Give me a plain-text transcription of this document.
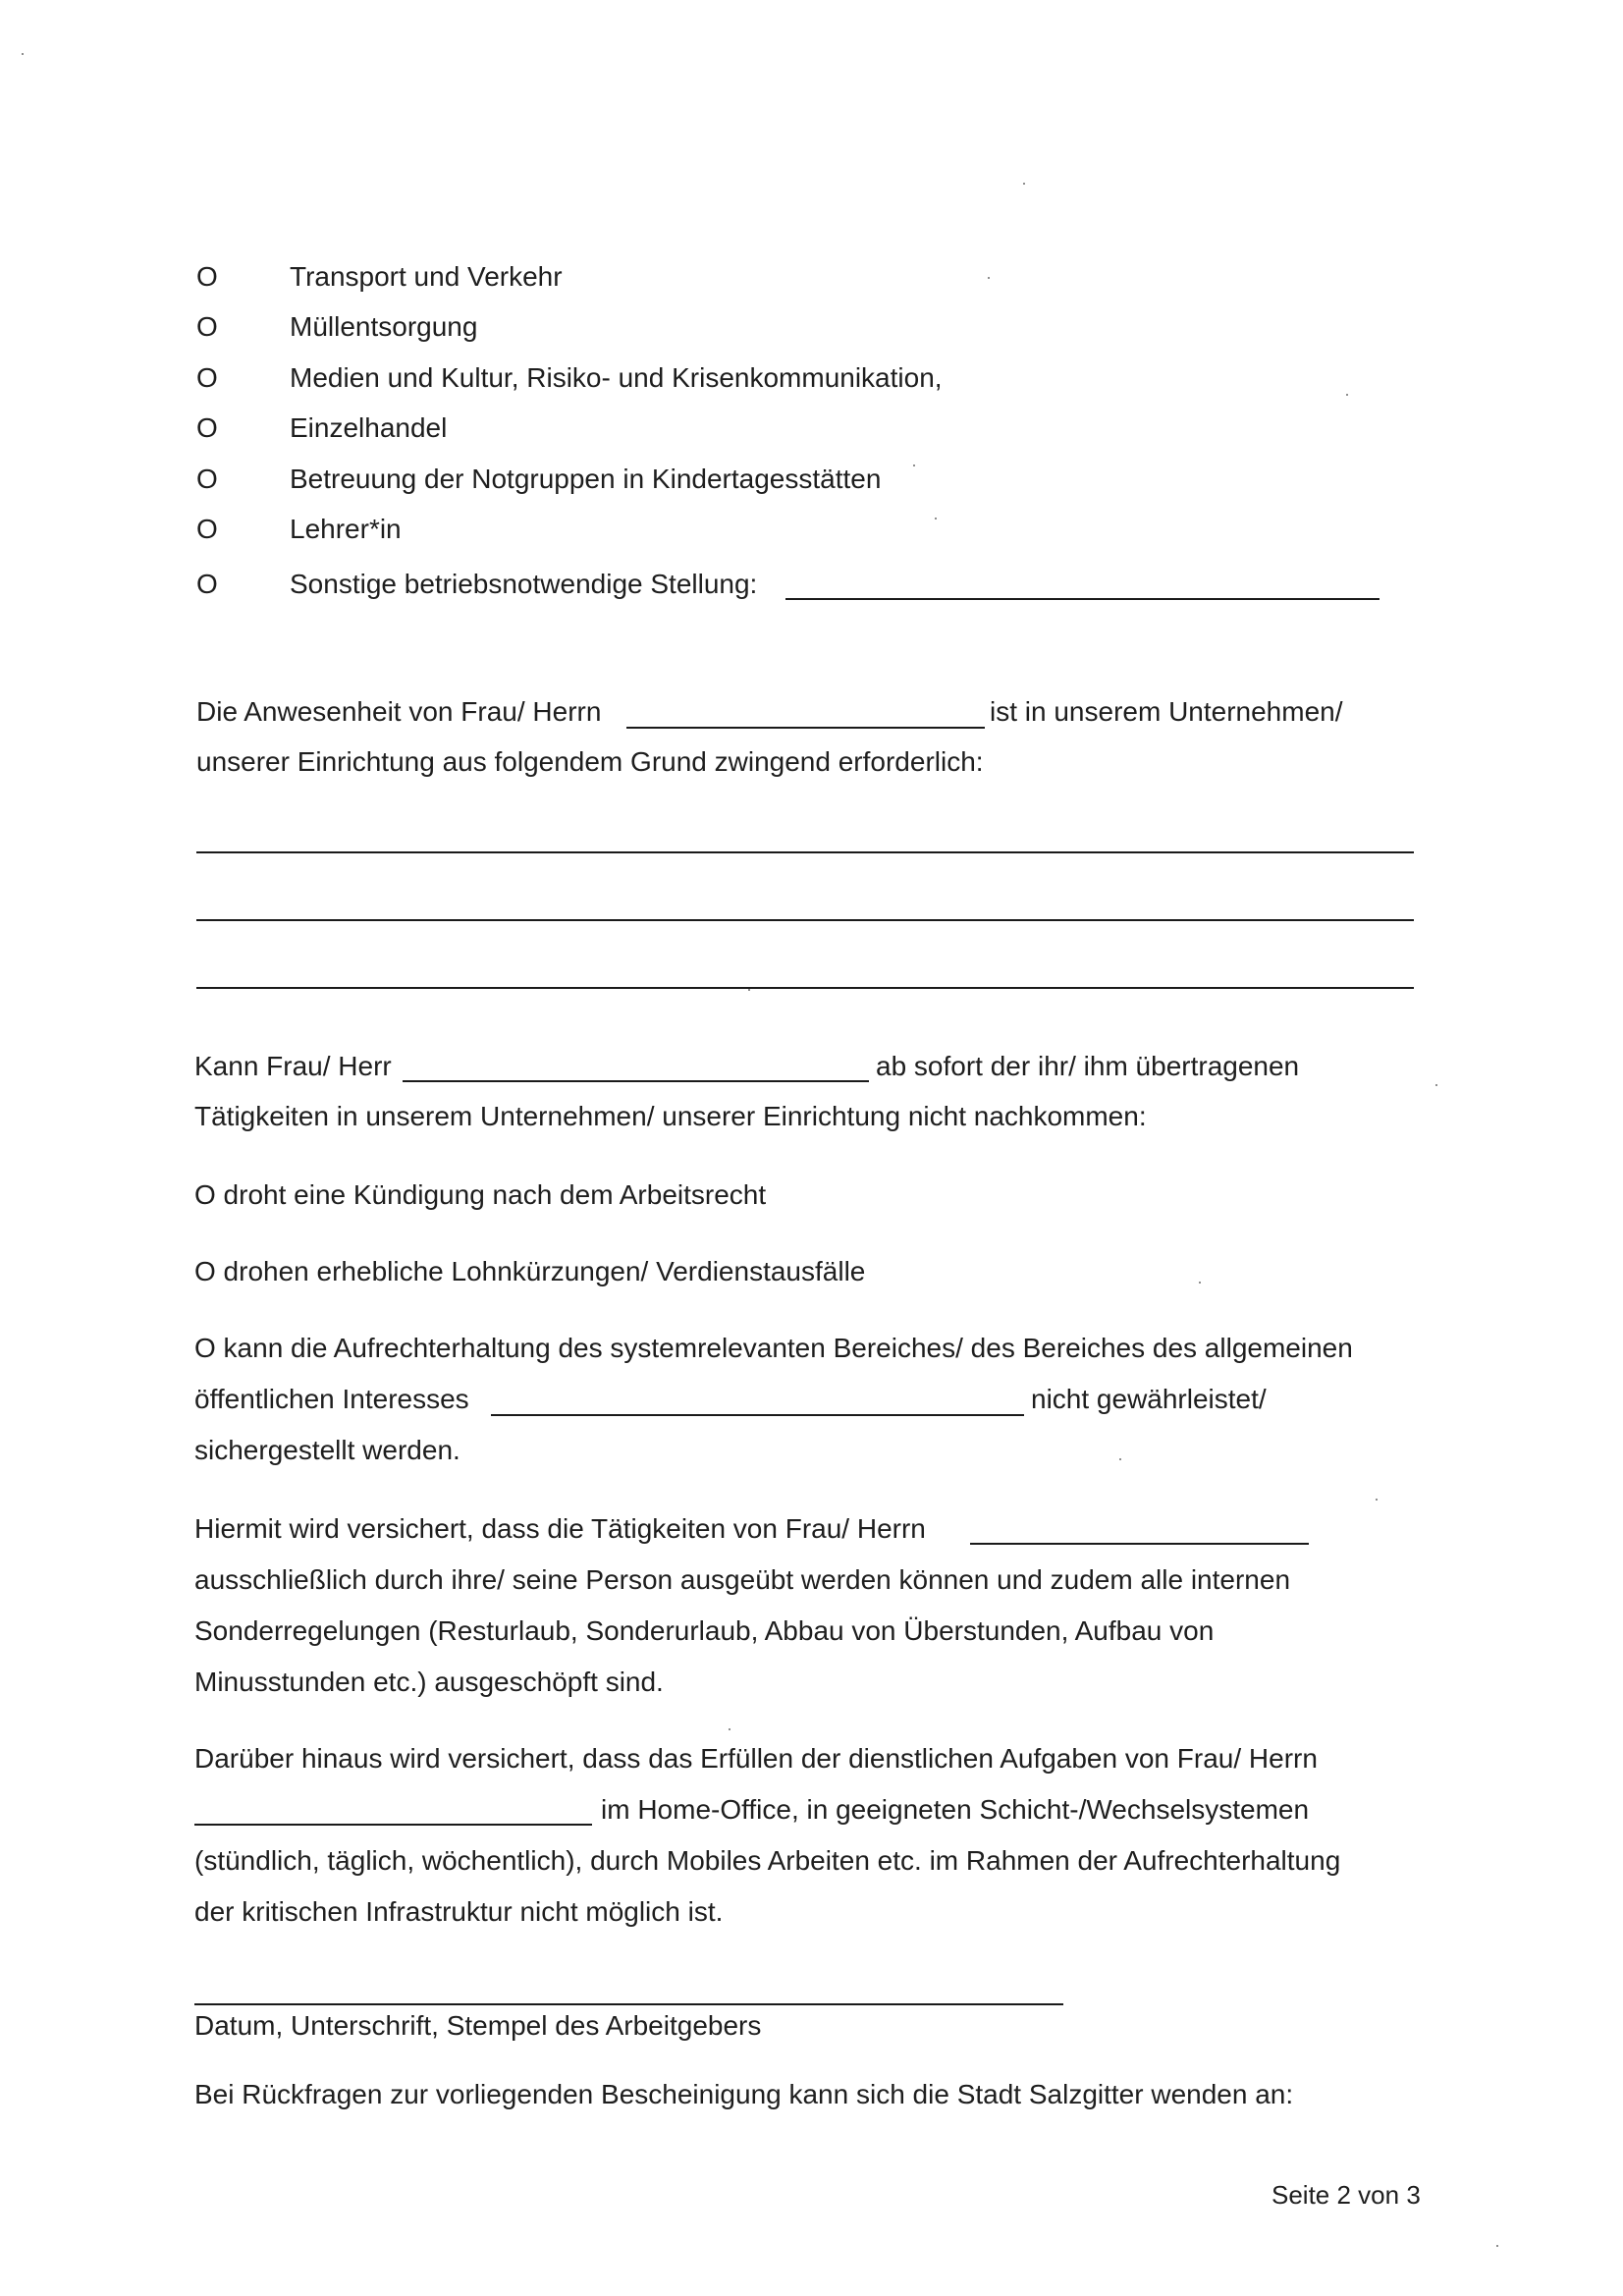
O	Transport und Verkehr
O	Müllentsorgung
O	Medien und Kultur, Risiko- und Krisenkommunikation,
O	Einzelhandel
O	Betreuung der Notgruppen in Kindertagesstätten
O	Lehrer*in
O	Sonstige betriebsnotwendige Stellung:
Die Anwesenheit von Frau/ Herrn	ist in unserem Unternehmen/
unserer Einrichtung aus folgendem Grund zwingend erforderlich:
Kann Frau/ Herr	ab sofort der ihr/ ihm übertragenen
Tätigkeiten in unserem Unternehmen/ unserer Einrichtung nicht nachkommen:
O droht eine Kündigung nach dem Arbeitsrecht
O drohen erhebliche Lohnkürzungen/ Verdienstausfälle
O kann die Aufrechterhaltung des systemrelevanten Bereiches/ des Bereiches des allgemeinen
öffentlichen Interesses	nicht gewährleistet/
sichergestellt werden.
Hiermit wird versichert, dass die Tätigkeiten von Frau/ Herrn
ausschließlich durch ihre/ seine Person ausgeübt werden können und zudem alle internen
Sonderregelungen (Resturlaub, Sonderurlaub, Abbau von Überstunden, Aufbau von
Minusstunden etc.) ausgeschöpft sind.
Darüber hinaus wird versichert, dass das Erfüllen der dienstlichen Aufgaben von Frau/ Herrn
im Home-Office, in geeigneten Schicht-/Wechselsystemen
(stündlich, täglich, wöchentlich), durch Mobiles Arbeiten etc. im Rahmen der Aufrechterhaltung
der kritischen Infrastruktur nicht möglich ist.
Datum, Unterschrift, Stempel des Arbeitgebers
Bei Rückfragen zur vorliegenden Bescheinigung kann sich die Stadt Salzgitter wenden an:
Seite 2 von 3
